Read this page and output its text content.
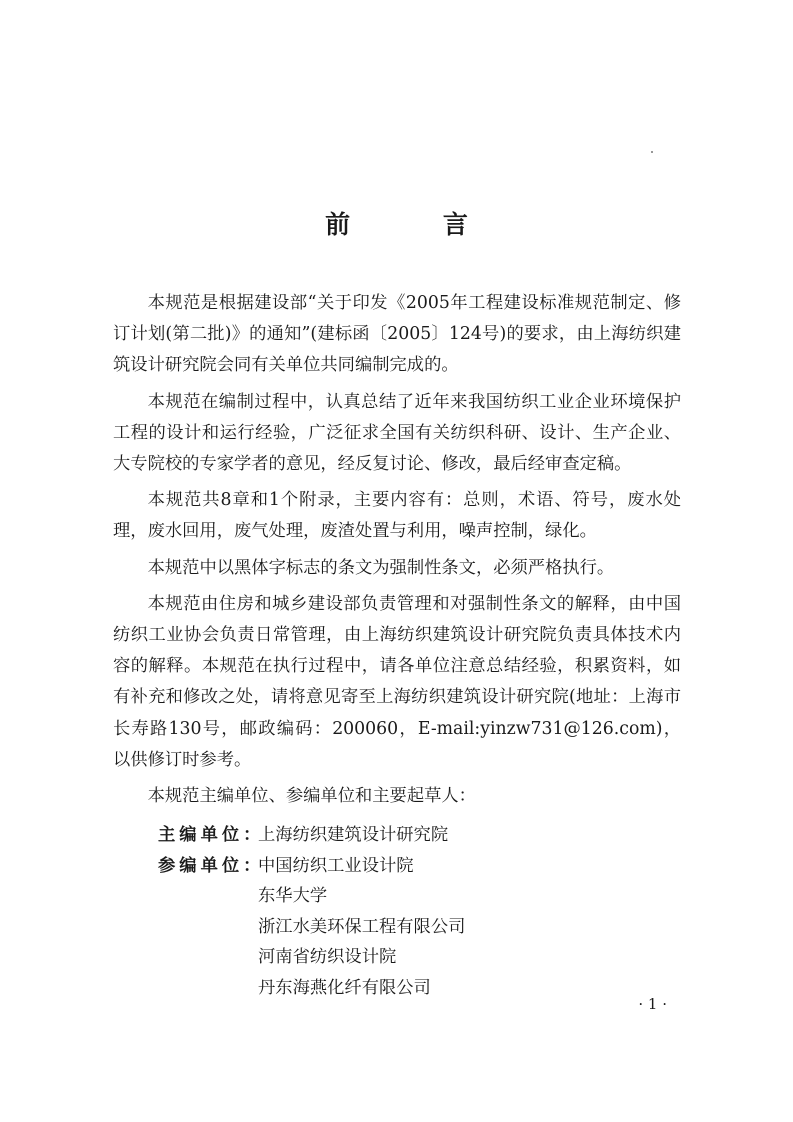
前 言

本规范是根据建设部“关于印发《2005年工程建设标准规范制定、修订计划(第二批)》的通知”(建标函〔2005〕124号)的要求，由上海纺织建筑设计研究院会同有关单位共同编制完成的。

本规范在编制过程中，认真总结了近年来我国纺织工业企业环境保护工程的设计和运行经验，广泛征求全国有关纺织科研、设计、生产企业、大专院校的专家学者的意见，经反复讨论、修改，最后经审查定稿。

本规范共8章和1个附录，主要内容有：总则，术语、符号，废水处理，废水回用，废气处理，废渣处置与利用，噪声控制，绿化。

本规范中以黑体字标志的条文为强制性条文，必须严格执行。

本规范由住房和城乡建设部负责管理和对强制性条文的解释，由中国纺织工业协会负责日常管理，由上海纺织建筑设计研究院负责具体技术内容的解释。本规范在执行过程中，请各单位注意总结经验，积累资料，如有补充和修改之处，请将意见寄至上海纺织建筑设计研究院(地址：上海市长寿路130号，邮政编码：200060，E-mail:yinzw731@126.com)，以供修订时参考。

本规范主编单位、参编单位和主要起草人：

主编单位：
上海纺织建筑设计研究院
参编单位：
中国纺织工业设计院
东华大学
浙江水美环保工程有限公司
河南省纺织设计院
丹东海燕化纤有限公司
· 1 ·
